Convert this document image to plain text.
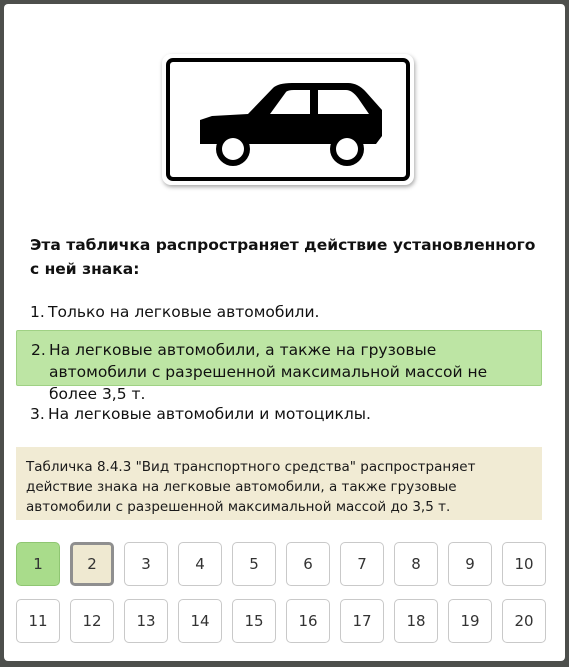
Эта табличка распространяет действие установленного с ней знака:
1. Только на легковые автомобили.
2. На легковые автомобили, а также на грузовые автомобили с разрешенной максимальной массой не более 3,5 т.
3. На легковые автомобили и мотоциклы.
Табличка 8.4.3 "Вид транспортного средства" распространяет действие знака на легковые автомобили, а также грузовые автомобили с разрешенной максимальной массой до 3,5 т.
1	2	3	4	5	6	7	8	9	10
11	12	13	14	15	16	17	18	19	20
